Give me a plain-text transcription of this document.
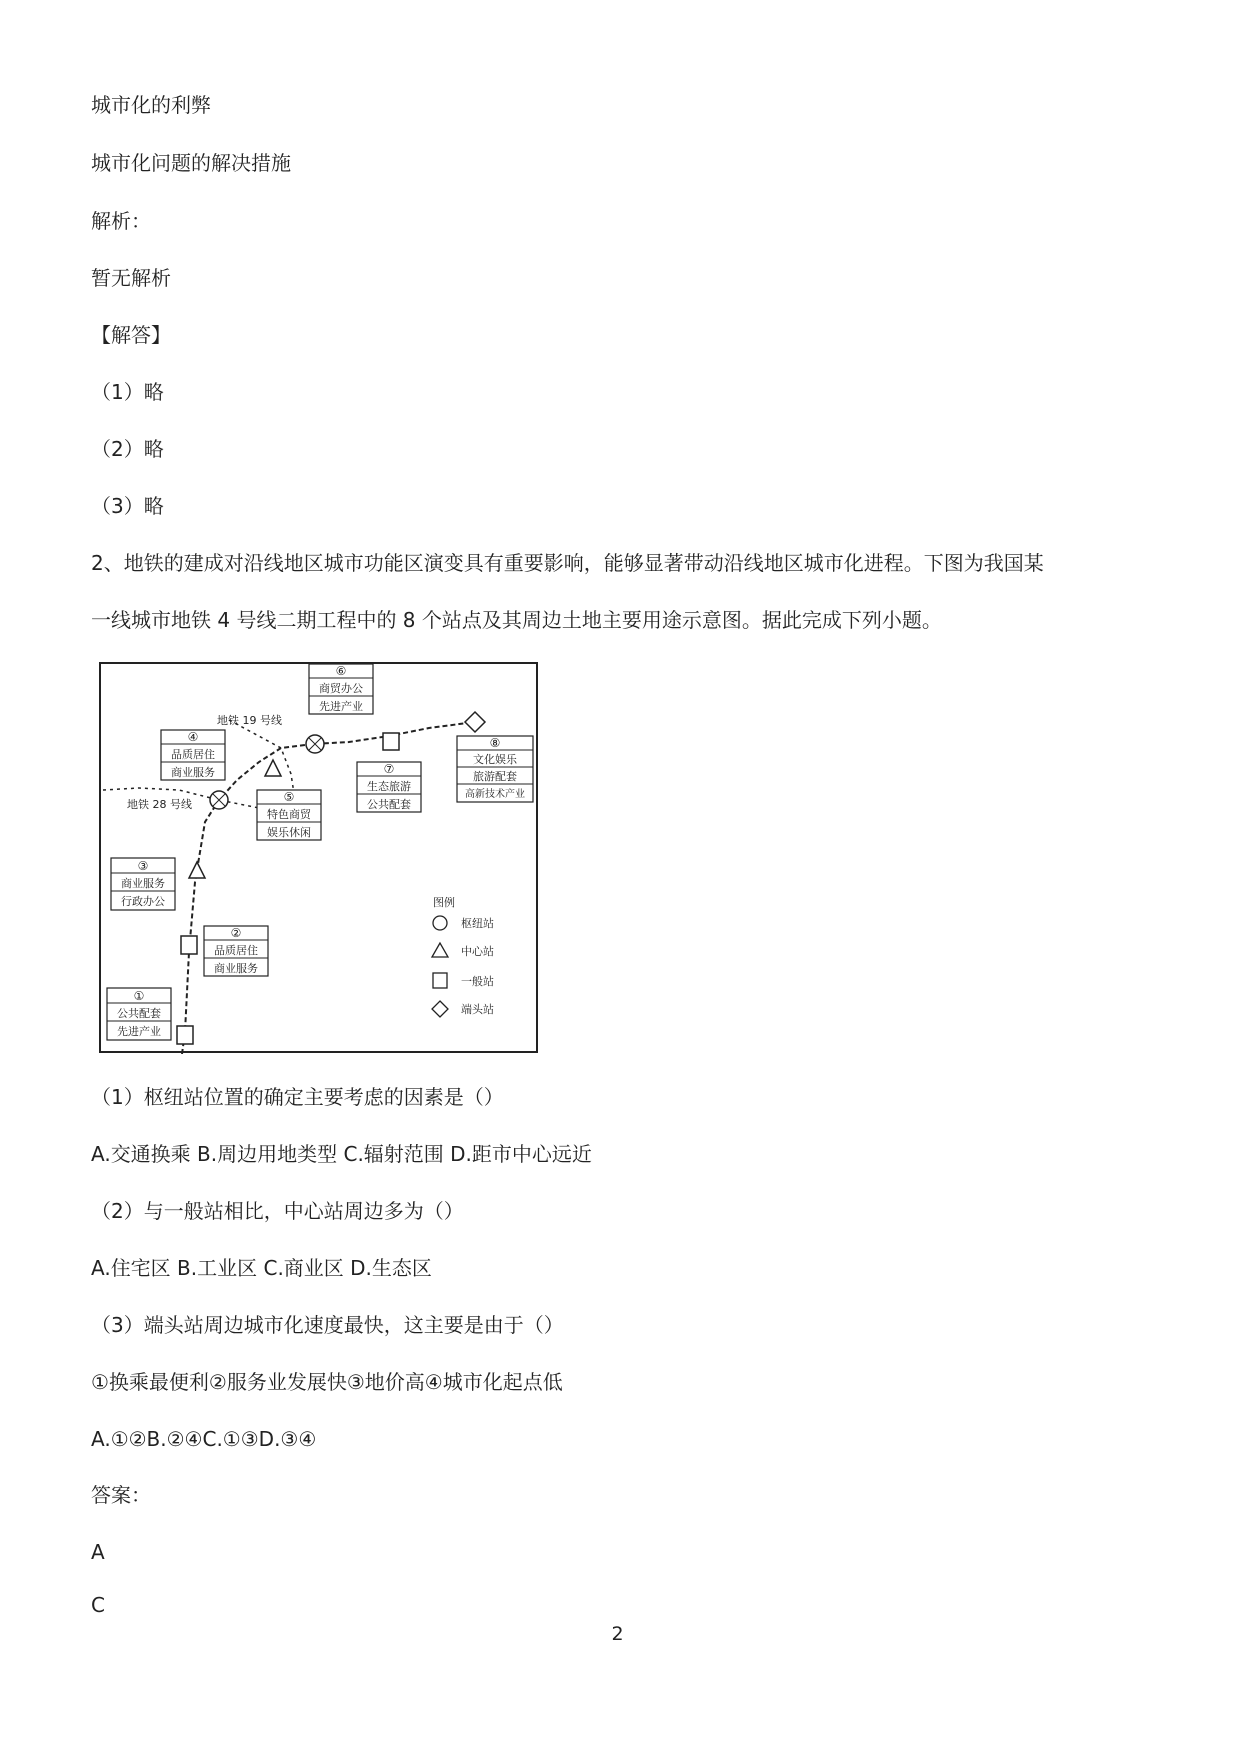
城市化的利弊
城市化问题的解决措施
解析：
暂无解析
【解答】
（1）略
（2）略
（3）略
2、地铁的建成对沿线地区城市功能区演变具有重要影响，能够显著带动沿线地区城市化进程。下图为我国某
一线城市地铁 4 号线二期工程中的 8 个站点及其周边土地主要用途示意图。据此完成下列小题。
地铁 19 号线
地铁 28 号线
①
公共配套
先进产业
②
品质居住
商业服务
③
商业服务
行政办公
④
品质居住
商业服务
⑤
特色商贸
娱乐休闲
⑥
商贸办公
先进产业
⑦
生态旅游
公共配套
⑧
文化娱乐
旅游配套
高新技术产业
图例
枢纽站
中心站
一般站
端头站
（1）枢纽站位置的确定主要考虑的因素是（）
A.交通换乘 B.周边用地类型 C.辐射范围 D.距市中心远近
（2）与一般站相比，中心站周边多为（）
A.住宅区 B.工业区 C.商业区 D.生态区
（3）端头站周边城市化速度最快，这主要是由于（）
①换乘最便利②服务业发展快③地价高④城市化起点低
A.①②B.②④C.①③D.③④
答案：
A
C
2
